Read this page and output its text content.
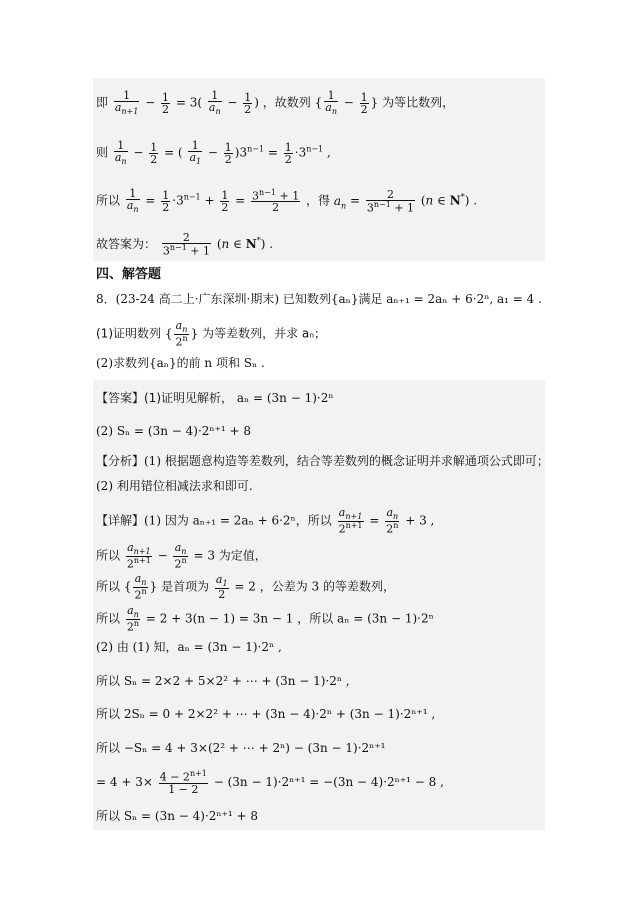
即 $\frac{1}{a_{n+1}} - \frac{1}{2} = 3( \frac{1}{a_n} - \frac{1}{2}$ ) ，故数列 { $\frac{1}{a_n} - \frac{1}{2}$ } 为等比数列，
则 $\frac{1}{a_n} - \frac{1}{2}$ = ( $\frac{1}{a_1} - \frac{1}{2} )3^{n-1} = \frac{1}{2} \cdot 3^{n-1}$ ,
所以 $\frac{1}{a_n} = \frac{1}{2} \cdot 3^{n-1} + \frac{1}{2} = \frac{3^{n-1} + 1}{2}$ ，得 $a_n = \frac{2}{3^{n-1} + 1} (n$ ∈ N*) .
故答案为： $\frac{2}{3^{n-1} + 1} (n$ ∈ N*) .
四、解答题
8．(23-24 高二上·广东深圳·期末) 已知数列{aₙ}满足 aₙ₊₁ = 2aₙ + 6·2ⁿ, a₁ = 4 .
(1)证明数列 { $\frac{a_n}{2^n}$ } 为等差数列，并求 aₙ；
(2)求数列{aₙ}的前 n 项和 Sₙ .
【答案】(1)证明见解析， aₙ = (3n − 1)·2ⁿ
(2) Sₙ = (3n − 4)·2ⁿ⁺¹ + 8
【分析】(1) 根据题意构造等差数列，结合等差数列的概念证明并求解通项公式即可；
(2) 利用错位相减法求和即可.
【详解】(1) 因为 aₙ₊₁ = 2aₙ + 6·2ⁿ，所以 $\frac{a_{n+1}}{2^{n+1}} = \frac{a_n}{2^n} + 3$ ,
所以 $\frac{a_{n+1}}{2^{n+1}} - \frac{a_n}{2^n} = 3$ 为定值，
所以 { $\frac{a_n}{2^n}$ } 是首项为 $\frac{a_1}{2} = 2$ ，公差为 3 的等差数列，
所以 $\frac{a_n}{2^n} = 2 + 3(n - 1) = 3n - 1$ ，所以 aₙ = (3n − 1)·2ⁿ
(2) 由 (1) 知，aₙ = (3n − 1)·2ⁿ ,
所以 Sₙ = 2×2 + 5×2² + ⋯ + (3n − 1)·2ⁿ ,
所以 2Sₙ = 0 + 2×2² + ⋯ + (3n − 4)·2ⁿ + (3n − 1)·2ⁿ⁺¹ ,
所以 −Sₙ = 4 + 3×(2² + ⋯ + 2ⁿ) − (3n − 1)·2ⁿ⁺¹
= $4 + 3\times \frac{4 - 2^{n+1}}{1 - 2} - (3n - 1)\cdot 2^{n+1} = -(3n - 4)\cdot 2^{n+1} - 8$ ,
所以 Sₙ = (3n − 4)·2ⁿ⁺¹ + 8
